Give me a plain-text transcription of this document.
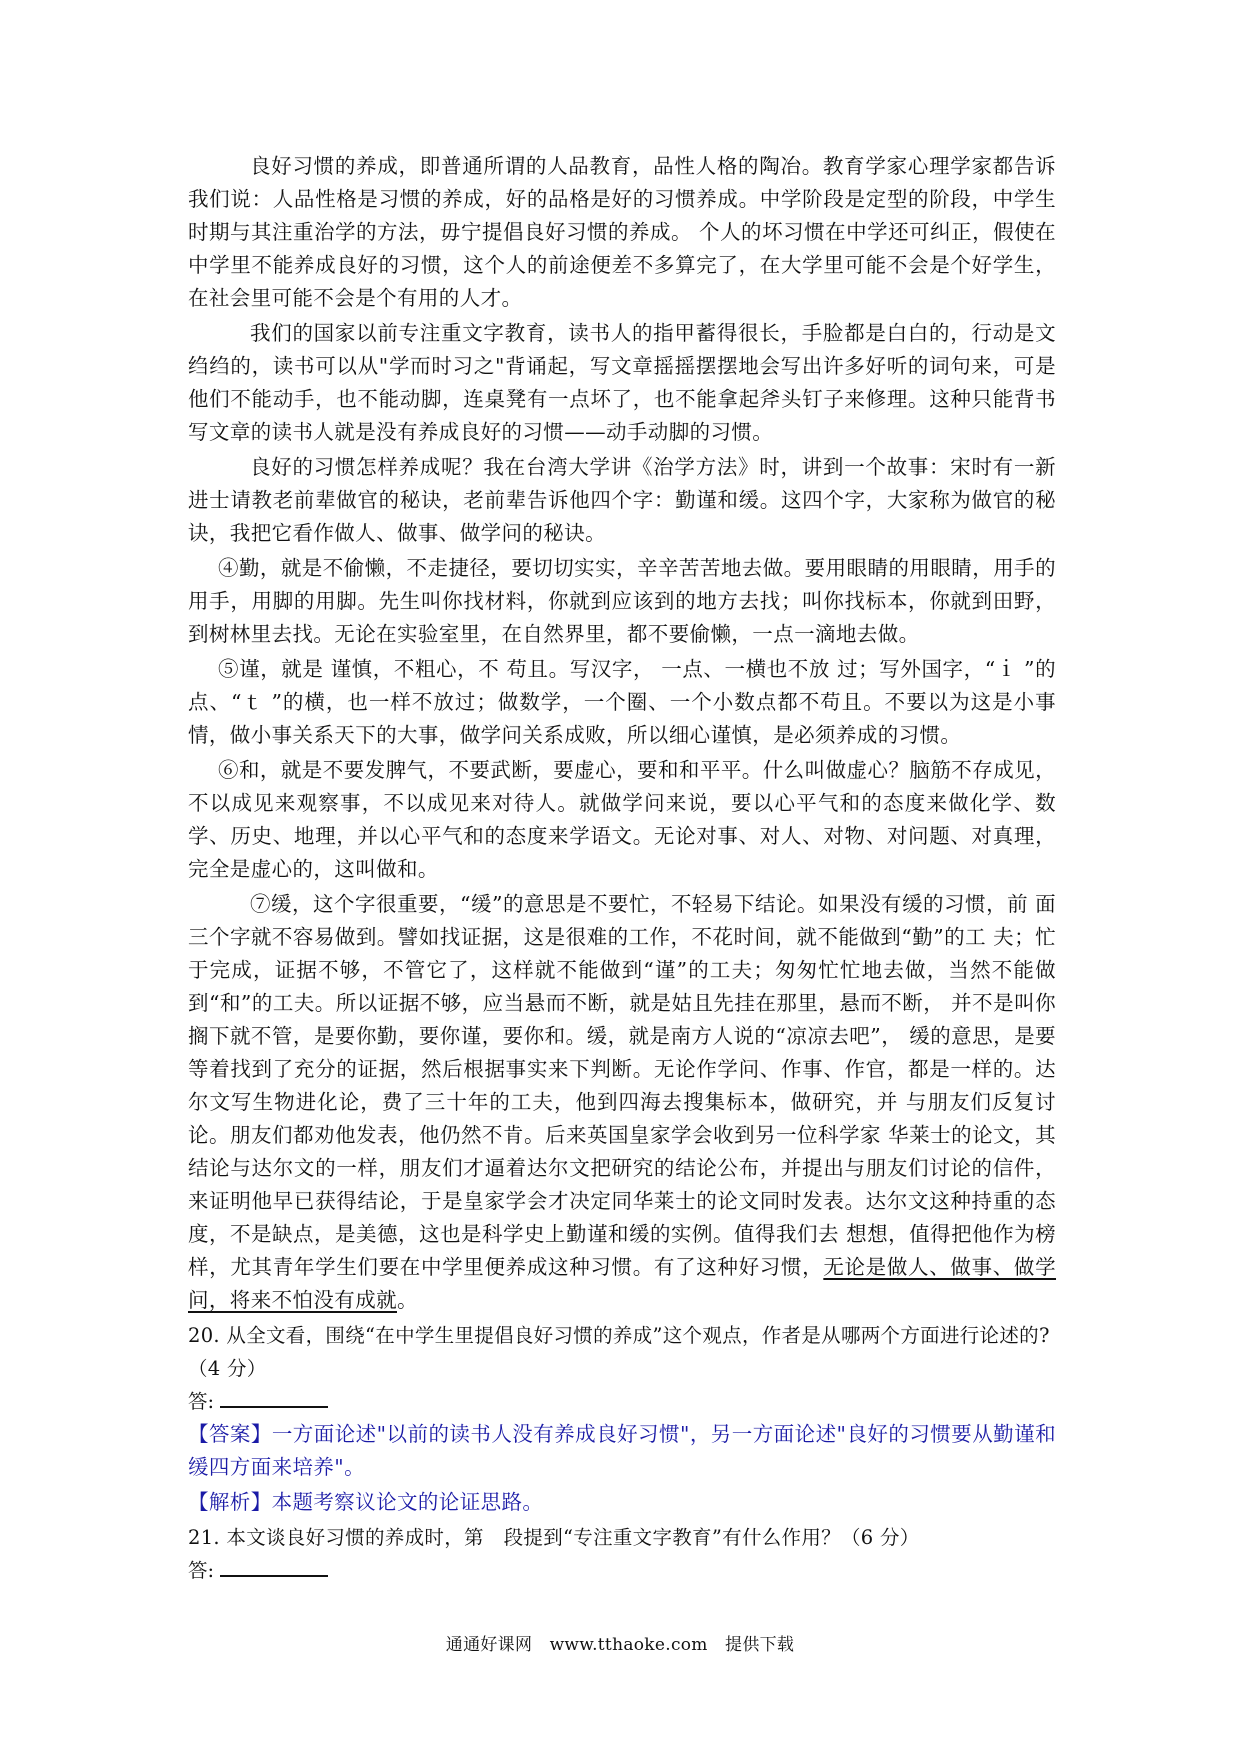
良好习惯的养成，即普通所谓的人品教育，品性人格的陶冶。教育学家心理学家都告诉我们说：人品性格是习惯的养成，好的品格是好的习惯养成。中学阶段是定型的阶段，中学生时期与其注重治学的方法，毋宁提倡良好习惯的养成。 个人的坏习惯在中学还可纠正，假使在中学里不能养成良好的习惯，这个人的前途便差不多算完了，在大学里可能不会是个好学生，在社会里可能不会是个有用的人才。

我们的国家以前专注重文字教育，读书人的指甲蓄得很长，手脸都是白白的，行动是文绉绉的，读书可以从"学而时习之"背诵起，写文章摇摇摆摆地会写出许多好听的词句来，可是他们不能动手，也不能动脚，连桌凳有一点坏了，也不能拿起斧头钉子来修理。这种只能背书写文章的读书人就是没有养成良好的习惯——动手动脚的习惯。

良好的习惯怎样养成呢？我在台湾大学讲《治学方法》时，讲到一个故事：宋时有一新进士请教老前辈做官的秘诀，老前辈告诉他四个字：勤谨和缓。这四个字，大家称为做官的秘诀，我把它看作做人、做事、做学问的秘诀。

④勤，就是不偷懒，不走捷径，要切切实实，辛辛苦苦地去做。要用眼睛的用眼睛，用手的用手，用脚的用脚。先生叫你找材料，你就到应该到的地方去找；叫你找标本，你就到田野，到树林里去找。无论在实验室里，在自然界里，都不要偷懒，一点一滴地去做。

⑤谨，就是 谨慎，不粗心，不 苟且。写汉字， 一点、一横也不放 过；写外国字，“ｉ ”的点、“ｔ ”的横，也一样不放过；做数学，一个圈、一个小数点都不苟且。不要以为这是小事情，做小事关系天下的大事，做学问关系成败，所以细心谨慎，是必须养成的习惯。

⑥和，就是不要发脾气，不要武断，要虚心，要和和平平。什么叫做虚心？脑筋不存成见，不以成见来观察事，不以成见来对待人。就做学问来说，要以心平气和的态度来做化学、数学、历史、地理，并以心平气和的态度来学语文。无论对事、对人、对物、对问题、对真理，完全是虚心的，这叫做和。

⑦缓，这个字很重要，“缓”的意思是不要忙，不轻易下结论。如果没有缓的习惯，前 面三个字就不容易做到。譬如找证据，这是很难的工作，不花时间，就不能做到“勤”的工 夫；忙于完成，证据不够，不管它了，这样就不能做到“谨”的工夫；匆匆忙忙地去做，当然不能做到“和”的工夫。所以证据不够，应当悬而不断，就是姑且先挂在那里，悬而不断， 并不是叫你搁下就不管，是要你勤，要你谨，要你和。缓，就是南方人说的“凉凉去吧”， 缓的意思，是要等着找到了充分的证据，然后根据事实来下判断。无论作学问、作事、作官，都是一样的。达尔文写生物进化论，费了三十年的工夫，他到四海去搜集标本，做研究，并 与朋友们反复讨论。朋友们都劝他发表，他仍然不肯。后来英国皇家学会收到另一位科学家 华莱士的论文，其结论与达尔文的一样，朋友们才逼着达尔文把研究的结论公布，并提出与朋友们讨论的信件，来证明他早已获得结论，于是皇家学会才决定同华莱士的论文同时发表。达尔文这种持重的态度，不是缺点，是美德，这也是科学史上勤谨和缓的实例。值得我们去 想想，值得把他作为榜样，尤其青年学生们要在中学里便养成这种习惯。有了这种好习惯，无论是做人、做事、做学问，将来不怕没有成就。

20. 从全文看，围绕“在中学生里提倡良好习惯的养成”这个观点，作者是从哪两个方面进行论述的?（4 分）

答:

【答案】一方面论述"以前的读书人没有养成良好习惯"，另一方面论述"良好的习惯要从勤谨和缓四方面来培养"。

【解析】本题考察议论文的论证思路。

21. 本文谈良好习惯的养成时，第　段提到“专注重文字教育”有什么作用？（6 分）

答:

通通好课网　www.tthaoke.com　提供下载
